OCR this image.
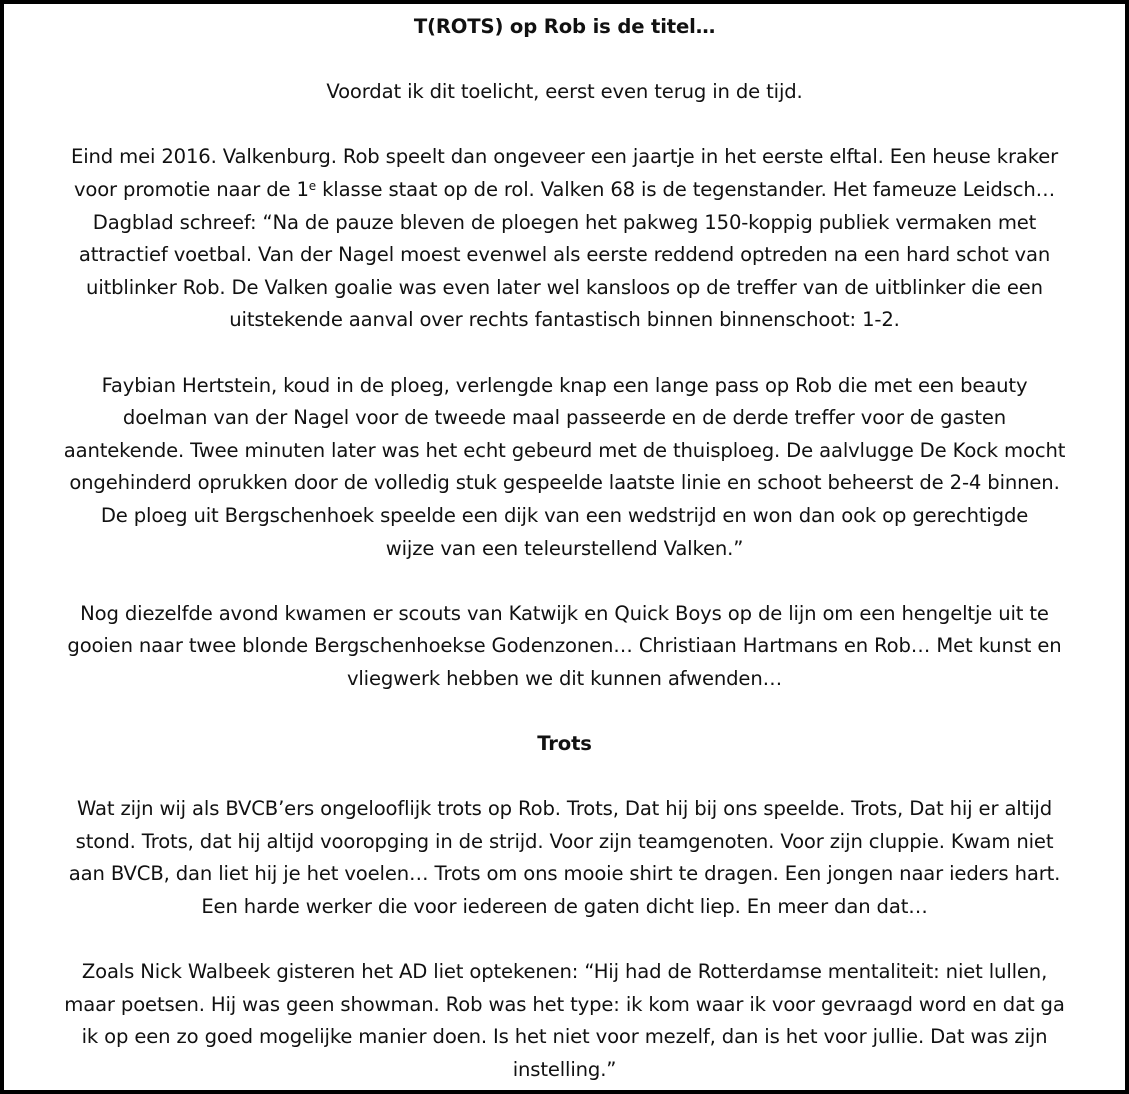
T(ROTS) op Rob is de titel…
Voordat ik dit toelicht, eerst even terug in de tijd.
Eind mei 2016. Valkenburg. Rob speelt dan ongeveer een jaartje in het eerste elftal. Een heuse kraker
voor promotie naar de 1e klasse staat op de rol. Valken 68 is de tegenstander. Het fameuze Leidsch…
Dagblad schreef: “Na de pauze bleven de ploegen het pakweg 150-koppig publiek vermaken met
attractief voetbal. Van der Nagel moest evenwel als eerste reddend optreden na een hard schot van
uitblinker Rob. De Valken goalie was even later wel kansloos op de treffer van de uitblinker die een
uitstekende aanval over rechts fantastisch binnen binnenschoot: 1-2.
Faybian Hertstein, koud in de ploeg, verlengde knap een lange pass op Rob die met een beauty
doelman van der Nagel voor de tweede maal passeerde en de derde treffer voor de gasten
aantekende. Twee minuten later was het echt gebeurd met de thuisploeg. De aalvlugge De Kock mocht
ongehinderd oprukken door de volledig stuk gespeelde laatste linie en schoot beheerst de 2-4 binnen.
De ploeg uit Bergschenhoek speelde een dijk van een wedstrijd en won dan ook op gerechtigde
wijze van een teleurstellend Valken.”
Nog diezelfde avond kwamen er scouts van Katwijk en Quick Boys op de lijn om een hengeltje uit te
gooien naar twee blonde Bergschenhoekse Godenzonen… Christiaan Hartmans en Rob… Met kunst en
vliegwerk hebben we dit kunnen afwenden…
Trots
Wat zijn wij als BVCB’ers ongelooflijk trots op Rob. Trots, Dat hij bij ons speelde. Trots, Dat hij er altijd
stond. Trots, dat hij altijd vooropging in de strijd. Voor zijn teamgenoten. Voor zijn cluppie. Kwam niet
aan BVCB, dan liet hij je het voelen… Trots om ons mooie shirt te dragen. Een jongen naar ieders hart.
Een harde werker die voor iedereen de gaten dicht liep. En meer dan dat…
Zoals Nick Walbeek gisteren het AD liet optekenen: “Hij had de Rotterdamse mentaliteit: niet lullen,
maar poetsen. Hij was geen showman. Rob was het type: ik kom waar ik voor gevraagd word en dat ga
ik op een zo goed mogelijke manier doen. Is het niet voor mezelf, dan is het voor jullie. Dat was zijn
instelling.”
